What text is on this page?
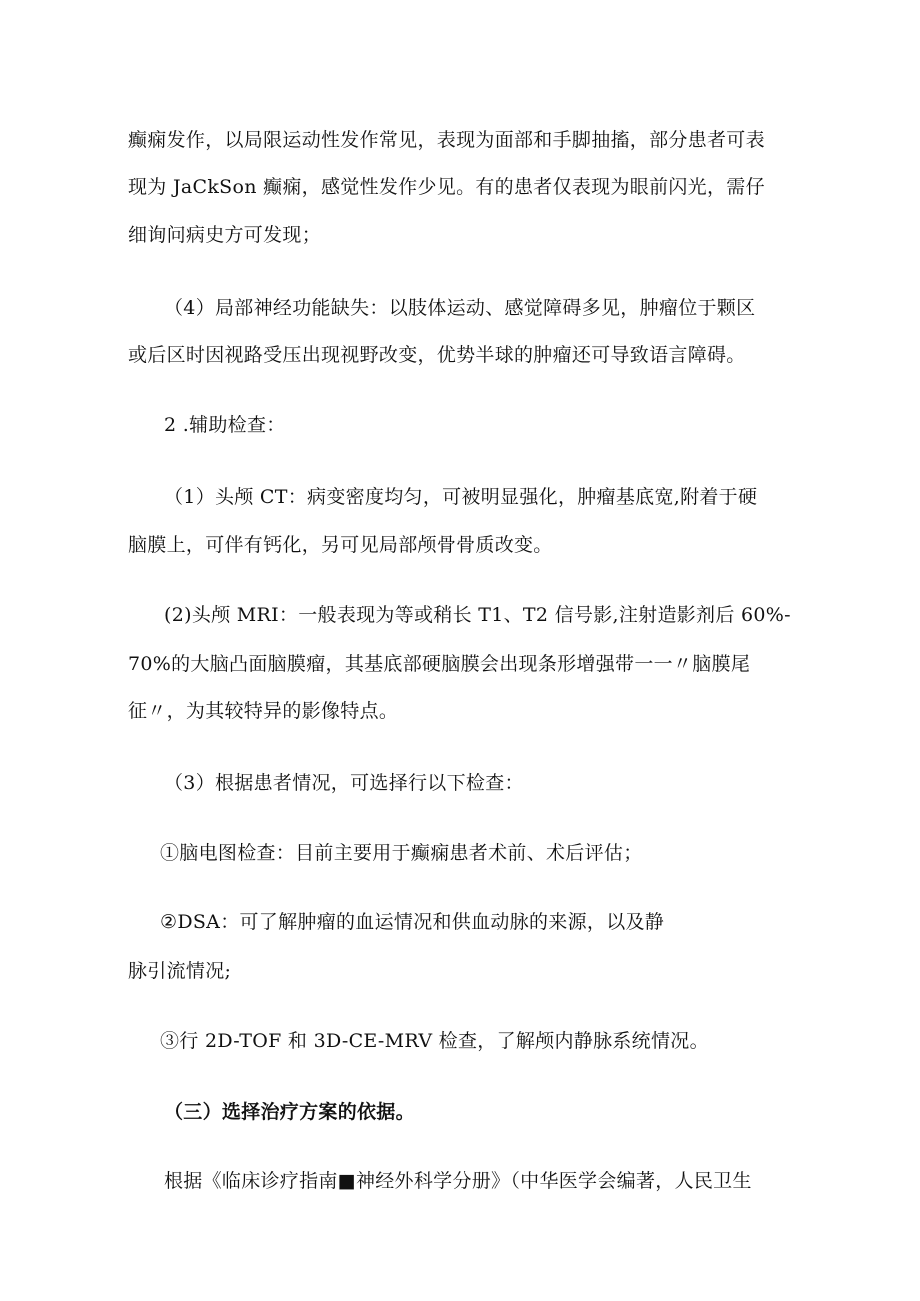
癫痫发作，以局限运动性发作常见，表现为面部和手脚抽搐，部分患者可表
现为 JaCkSon 癫痫，感觉性发作少见。有的患者仅表现为眼前闪光，需仔
细询问病史方可发现；
（4）局部神经功能缺失：以肢体运动、感觉障碍多见，肿瘤位于颗区
或后区时因视路受压出现视野改变，优势半球的肿瘤还可导致语言障碍。
2 .辅助检查：
（1）头颅 CT：病变密度均匀，可被明显强化，肿瘤基底宽,附着于硬
脑膜上，可伴有钙化，另可见局部颅骨骨质改变。
(2)头颅 MRI：一般表现为等或稍长 T1、T2 信号影,注射造影剂后 60%-
70%的大脑凸面脑膜瘤，其基底部硬脑膜会出现条形增强带一一〃脑膜尾
征〃，为其较特异的影像特点。
（3）根据患者情况，可选择行以下检查：
①脑电图检查：目前主要用于癫痫患者术前、术后评估；
②DSA：可了解肿瘤的血运情况和供血动脉的来源，以及静
脉引流情况;
③行 2D-TOF 和 3D-CE-MRV 检查，了解颅内静脉系统情况。
（三）选择治疗方案的依据。
根据《临床诊疗指南■神经外科学分册》（中华医学会编著，人民卫生
